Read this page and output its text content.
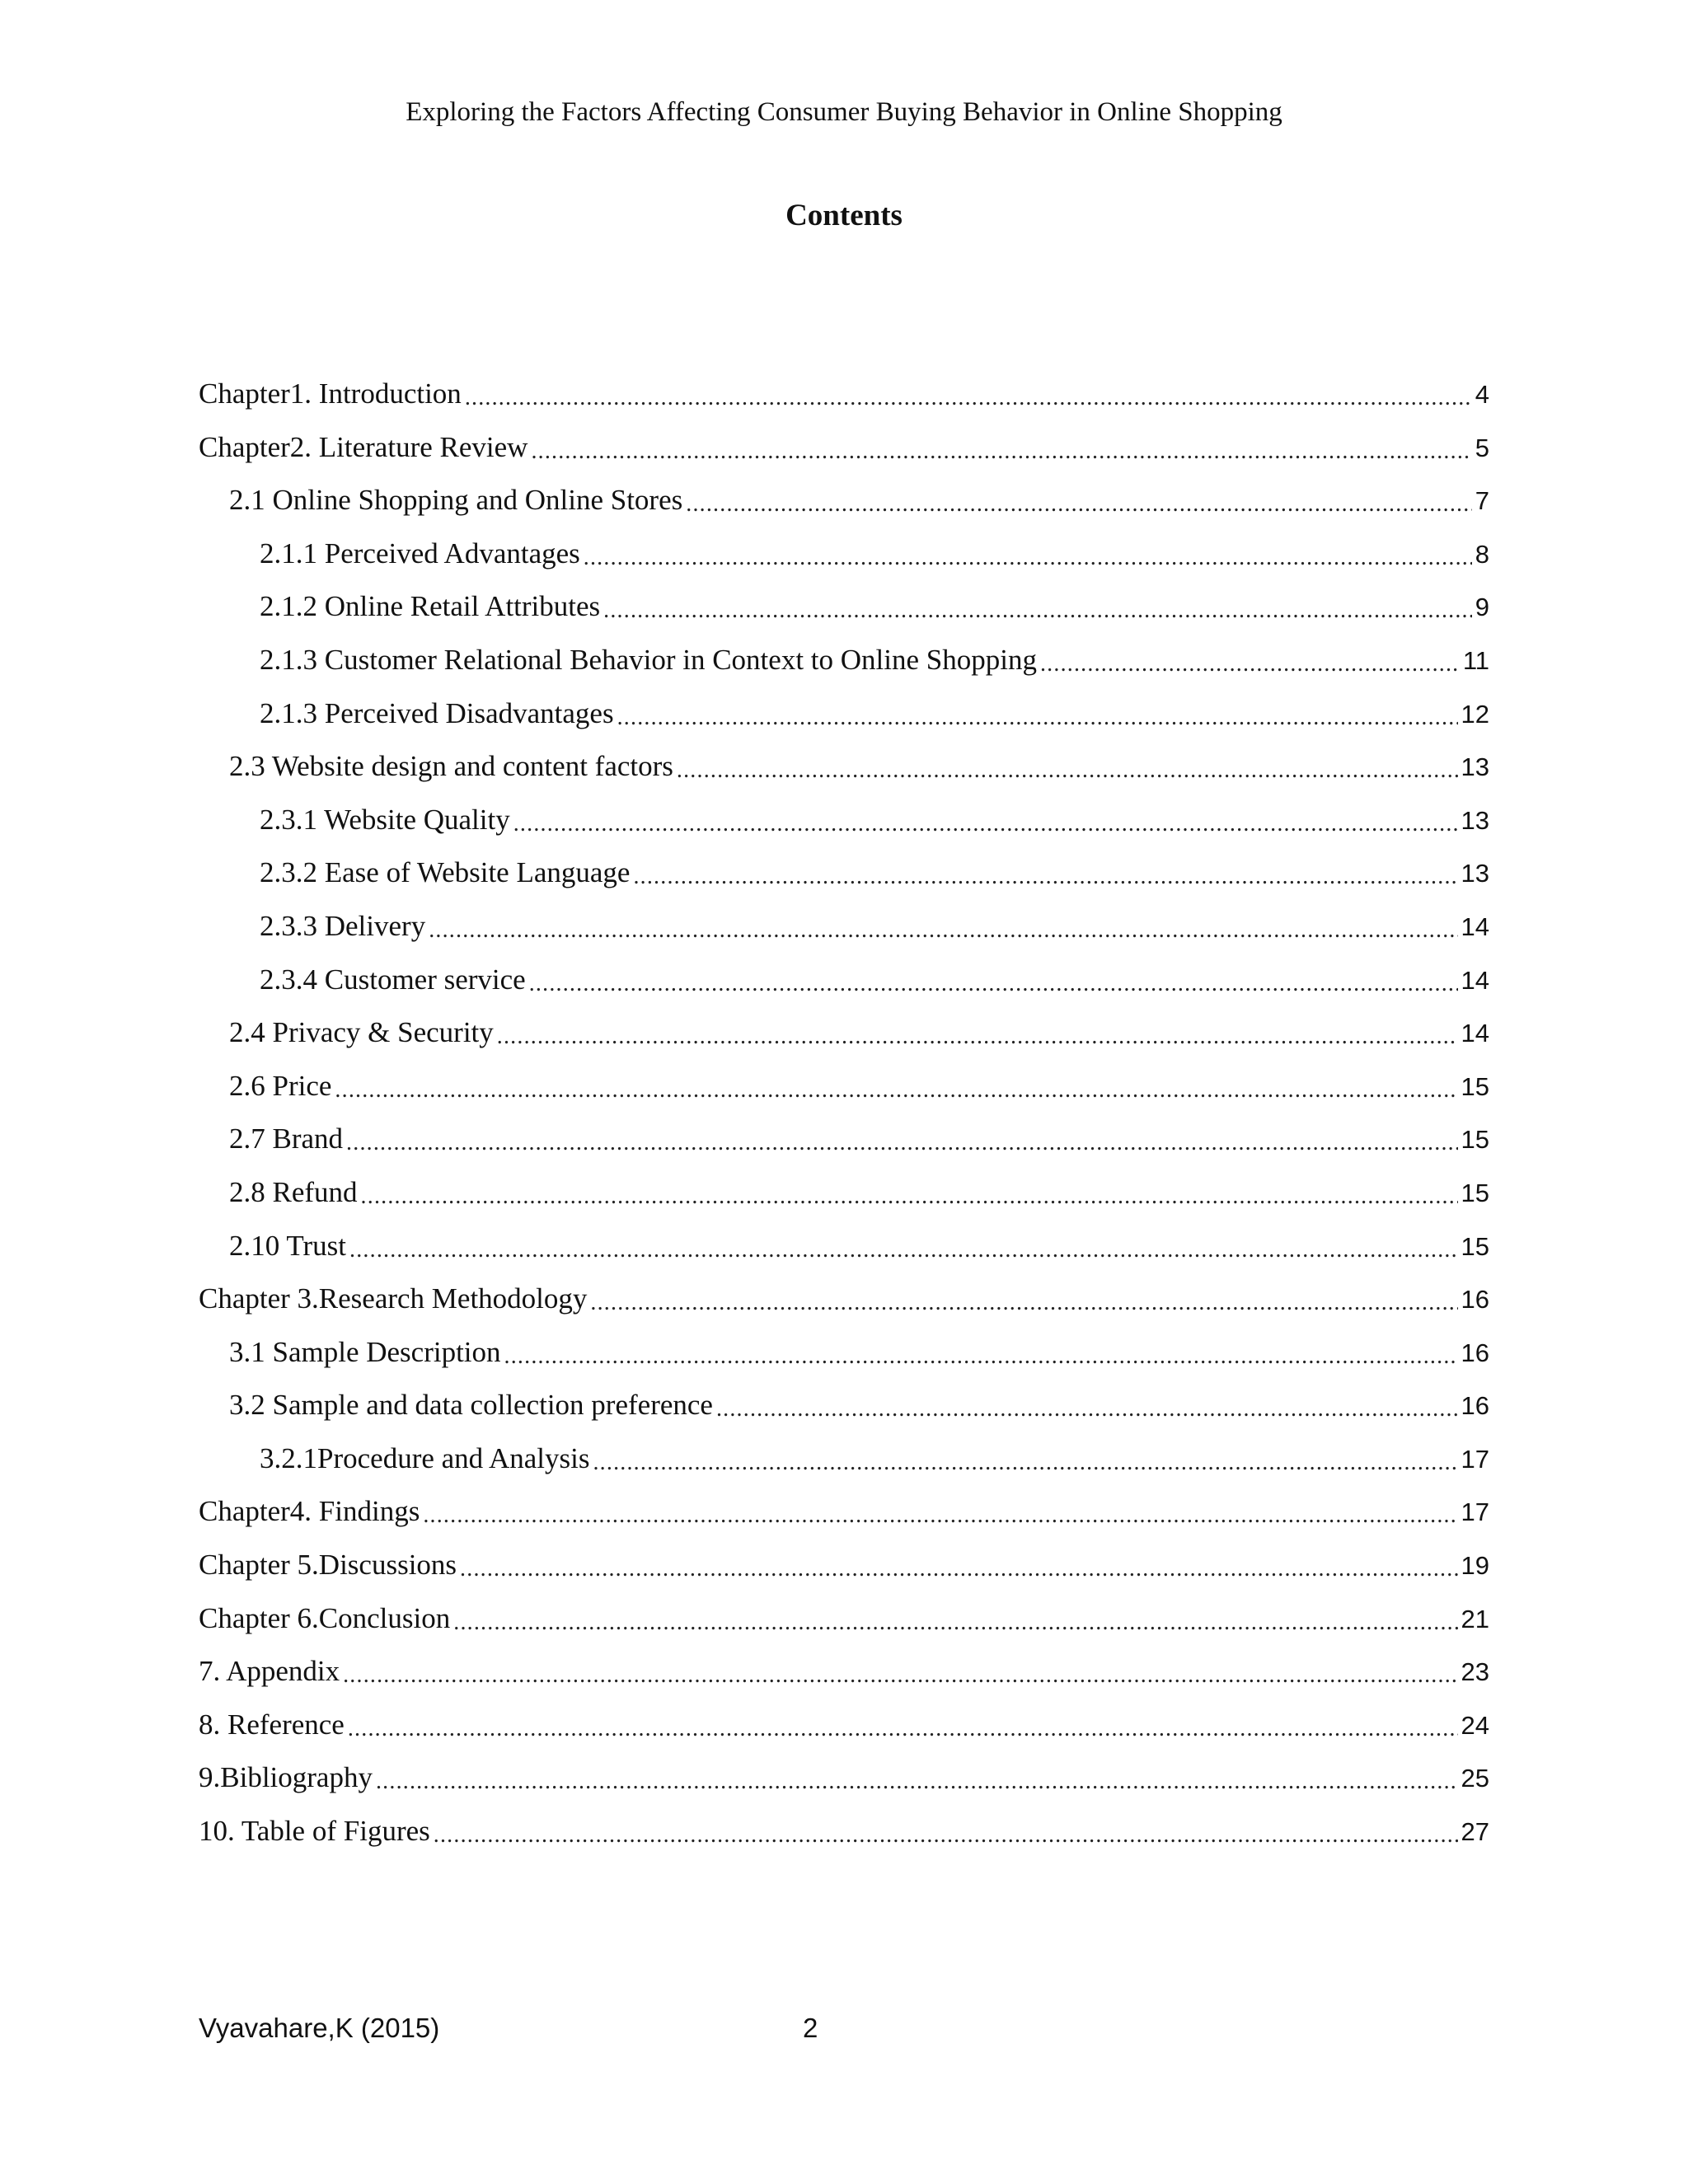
Exploring the Factors Affecting Consumer Buying Behavior in Online Shopping
Contents
Chapter1. Introduction .....	4
Chapter2. Literature Review .....	5
2.1 Online Shopping and Online Stores .....	7
2.1.1 Perceived Advantages .....	8
2.1.2 Online Retail Attributes .....	9
2.1.3 Customer Relational Behavior in Context to Online Shopping .....	11
2.1.3 Perceived Disadvantages .....	12
2.3 Website design and content factors .....	13
2.3.1 Website Quality .....	13
2.3.2 Ease of Website Language .....	13
2.3.3 Delivery .....	14
2.3.4 Customer service .....	14
2.4 Privacy & Security .....	14
2.6 Price .....	15
2.7 Brand .....	15
2.8 Refund .....	15
2.10 Trust .....	15
Chapter 3.Research Methodology .....	16
3.1 Sample Description .....	16
3.2 Sample and data collection preference .....	16
3.2.1Procedure and Analysis .....	17
Chapter4. Findings .....	17
Chapter 5.Discussions .....	19
Chapter 6.Conclusion .....	21
7. Appendix .....	23
8. Reference .....	24
9.Bibliography .....	25
10. Table of Figures .....	27
Vyavahare,K (2015)	2
